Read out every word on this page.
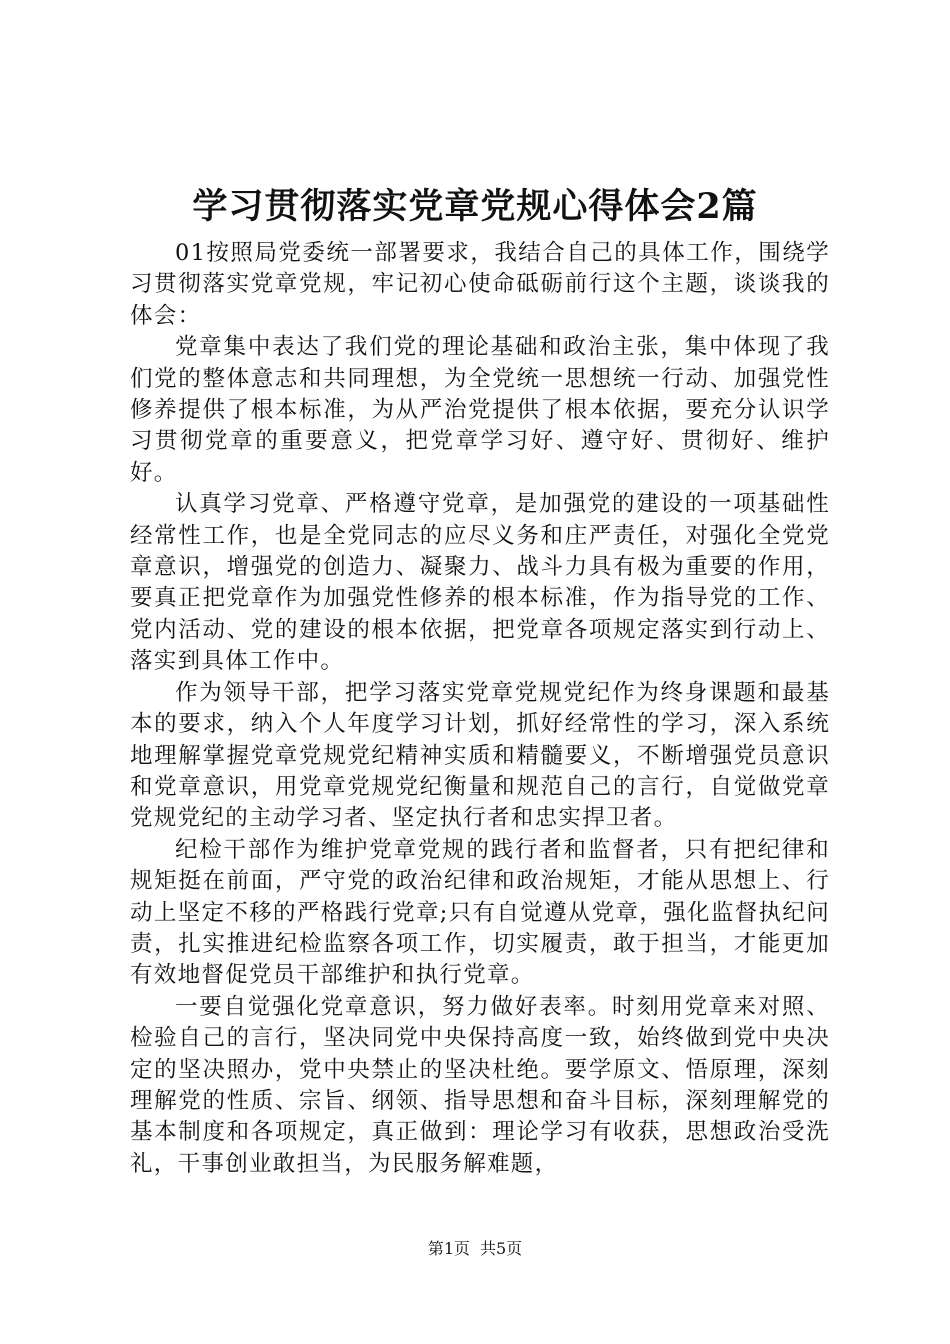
学习贯彻落实党章党规心得体会2篇

01按照局党委统一部署要求，我结合自己的具体工作，围绕学习贯彻落实党章党规，牢记初心使命砥砺前行这个主题，谈谈我的体会：

党章集中表达了我们党的理论基础和政治主张，集中体现了我们党的整体意志和共同理想，为全党统一思想统一行动、加强党性修养提供了根本标准，为从严治党提供了根本依据，要充分认识学习贯彻党章的重要意义，把党章学习好、遵守好、贯彻好、维护好。

认真学习党章、严格遵守党章，是加强党的建设的一项基础性经常性工作，也是全党同志的应尽义务和庄严责任，对强化全党党章意识，增强党的创造力、凝聚力、战斗力具有极为重要的作用，要真正把党章作为加强党性修养的根本标准，作为指导党的工作、党内活动、党的建设的根本依据，把党章各项规定落实到行动上、落实到具体工作中。

作为领导干部，把学习落实党章党规党纪作为终身课题和最基本的要求，纳入个人年度学习计划，抓好经常性的学习，深入系统地理解掌握党章党规党纪精神实质和精髓要义，不断增强党员意识和党章意识，用党章党规党纪衡量和规范自己的言行，自觉做党章党规党纪的主动学习者、坚定执行者和忠实捍卫者。

纪检干部作为维护党章党规的践行者和监督者，只有把纪律和规矩挺在前面，严守党的政治纪律和政治规矩，才能从思想上、行动上坚定不移的严格践行党章;只有自觉遵从党章，强化监督执纪问责，扎实推进纪检监察各项工作，切实履责，敢于担当，才能更加有效地督促党员干部维护和执行党章。

一要自觉强化党章意识，努力做好表率。时刻用党章来对照、检验自己的言行，坚决同党中央保持高度一致，始终做到党中央决定的坚决照办，党中央禁止的坚决杜绝。要学原文、悟原理，深刻理解党的性质、宗旨、纲领、指导思想和奋斗目标，深刻理解党的基本制度和各项规定，真正做到：理论学习有收获，思想政治受洗礼，干事创业敢担当，为民服务解难题，

第1页 共5页
